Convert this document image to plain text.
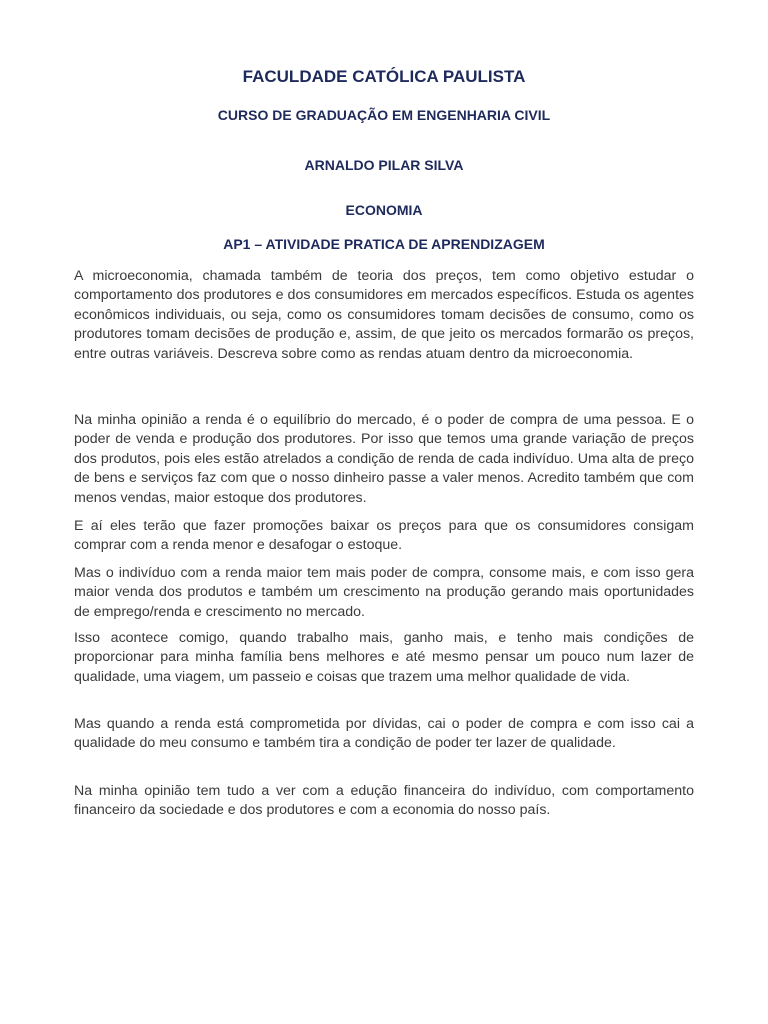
FACULDADE CATÓLICA PAULISTA
CURSO DE GRADUAÇÃO EM ENGENHARIA CIVIL
ARNALDO PILAR SILVA
ECONOMIA
AP1 – ATIVIDADE PRATICA DE APRENDIZAGEM

A microeconomia, chamada também de teoria dos preços, tem como objetivo estudar o comportamento dos produtores e dos consumidores em mercados específicos. Estuda os agentes econômicos individuais, ou seja, como os consumidores tomam decisões de consumo, como os produtores tomam decisões de produção e, assim, de que jeito os mercados formarão os preços, entre outras variáveis. Descreva sobre como as rendas atuam dentro da microeconomia.

Na minha opinião a renda é o equilíbrio do mercado, é o poder de compra de uma pessoa. E o poder de venda e produção dos produtores. Por isso que temos uma grande variação de preços dos produtos, pois eles estão atrelados a condição de renda de cada indivíduo. Uma alta de preço de bens e serviços faz com que o nosso dinheiro passe a valer menos. Acredito também que com menos vendas, maior estoque dos produtores.

E aí eles terão que fazer promoções baixar os preços para que os consumidores consigam comprar com a renda menor e desafogar o estoque.

Mas o indivíduo com a renda maior tem mais poder de compra, consome mais, e com isso gera maior venda dos produtos e também um crescimento na produção gerando mais oportunidades de emprego/renda e crescimento no mercado.

Isso acontece comigo, quando trabalho mais, ganho mais, e tenho mais condições de proporcionar para minha família bens melhores e até mesmo pensar um pouco num lazer de qualidade, uma viagem, um passeio e coisas que trazem uma melhor qualidade de vida.

Mas quando a renda está comprometida por dívidas, cai o poder de compra e com isso cai a qualidade do meu consumo e também tira a condição de poder ter lazer de qualidade.

Na minha opinião tem tudo a ver com a edução financeira do indivíduo, com comportamento financeiro da sociedade e dos produtores e com a economia do nosso país.
